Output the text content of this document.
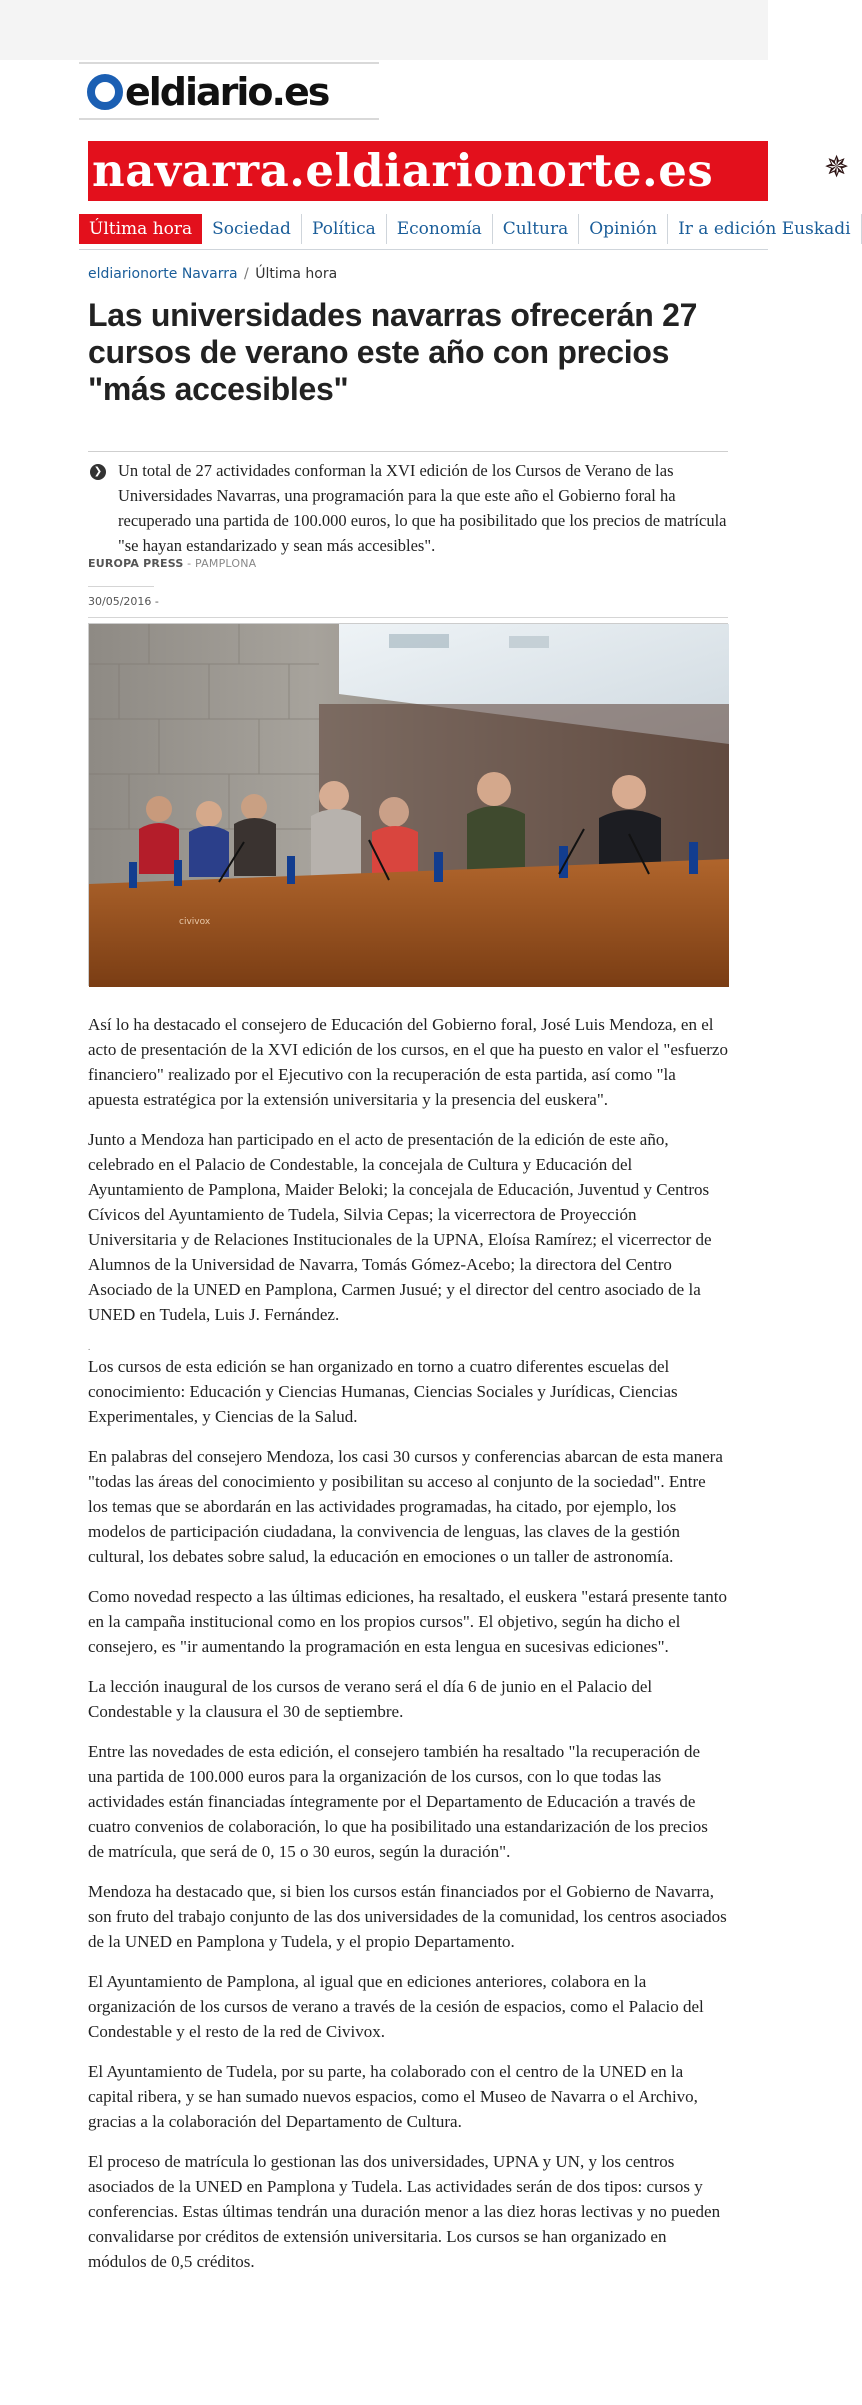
eldiario.es
navarra.eldiarionorte.es	✵
Última hora Sociedad Política Economía Cultura Opinión Ir a edición Euskadi
eldiarionorte Navarra / Última hora
Las universidades navarras ofrecerán 27 cursos de verano este año con precios "más accesibles"
❯ Un total de 27 actividades conforman la XVI edición de los Cursos de Verano de las Universidades Navarras, una programación para la que este año el Gobierno foral ha recuperado una partida de 100.000 euros, lo que ha posibilitado que los precios de matrícula "se hayan estandarizado y sean más accesibles".

EUROPA PRESS - PAMPLONA
30/05/2016 -
civivox

Así lo ha destacado el consejero de Educación del Gobierno foral, José Luis Mendoza, en el acto de presentación de la XVI edición de los cursos, en el que ha puesto en valor el "esfuerzo financiero" realizado por el Ejecutivo con la recuperación de esta partida, así como "la apuesta estratégica por la extensión universitaria y la presencia del euskera".

Junto a Mendoza han participado en el acto de presentación de la edición de este año, celebrado en el Palacio de Condestable, la concejala de Cultura y Educación del Ayuntamiento de Pamplona, Maider Beloki; la concejala de Educación, Juventud y Centros Cívicos del Ayuntamiento de Tudela, Silvia Cepas; la vicerrectora de Proyección Universitaria y de Relaciones Institucionales de la UPNA, Eloísa Ramírez; el vicerrector de Alumnos de la Universidad de Navarra, Tomás Gómez-Acebo; la directora del Centro Asociado de la UNED en Pamplona, Carmen Jusué; y el director del centro asociado de la UNED en Tudela, Luis J. Fernández.

.

Los cursos de esta edición se han organizado en torno a cuatro diferentes escuelas del conocimiento: Educación y Ciencias Humanas, Ciencias Sociales y Jurídicas, Ciencias Experimentales, y Ciencias de la Salud.

En palabras del consejero Mendoza, los casi 30 cursos y conferencias abarcan de esta manera "todas las áreas del conocimiento y posibilitan su acceso al conjunto de la sociedad". Entre los temas que se abordarán en las actividades programadas, ha citado, por ejemplo, los modelos de participación ciudadana, la convivencia de lenguas, las claves de la gestión cultural, los debates sobre salud, la educación en emociones o un taller de astronomía.

Como novedad respecto a las últimas ediciones, ha resaltado, el euskera "estará presente tanto en la campaña institucional como en los propios cursos". El objetivo, según ha dicho el consejero, es "ir aumentando la programación en esta lengua en sucesivas ediciones".

La lección inaugural de los cursos de verano será el día 6 de junio en el Palacio del Condestable y la clausura el 30 de septiembre.

Entre las novedades de esta edición, el consejero también ha resaltado "la recuperación de una partida de 100.000 euros para la organización de los cursos, con lo que todas las actividades están financiadas íntegramente por el Departamento de Educación a través de cuatro convenios de colaboración, lo que ha posibilitado una estandarización de los precios de matrícula, que será de 0, 15 o 30 euros, según la duración".

Mendoza ha destacado que, si bien los cursos están financiados por el Gobierno de Navarra, son fruto del trabajo conjunto de las dos universidades de la comunidad, los centros asociados de la UNED en Pamplona y Tudela, y el propio Departamento.

El Ayuntamiento de Pamplona, al igual que en ediciones anteriores, colabora en la organización de los cursos de verano a través de la cesión de espacios, como el Palacio del Condestable y el resto de la red de Civivox.

El Ayuntamiento de Tudela, por su parte, ha colaborado con el centro de la UNED en la capital ribera, y se han sumado nuevos espacios, como el Museo de Navarra o el Archivo, gracias a la colaboración del Departamento de Cultura.

El proceso de matrícula lo gestionan las dos universidades, UPNA y UN, y los centros asociados de la UNED en Pamplona y Tudela. Las actividades serán de dos tipos: cursos y conferencias. Estas últimas tendrán una duración menor a las diez horas lectivas y no pueden convalidarse por créditos de extensión universitaria. Los cursos se han organizado en módulos de 0,5 créditos.
